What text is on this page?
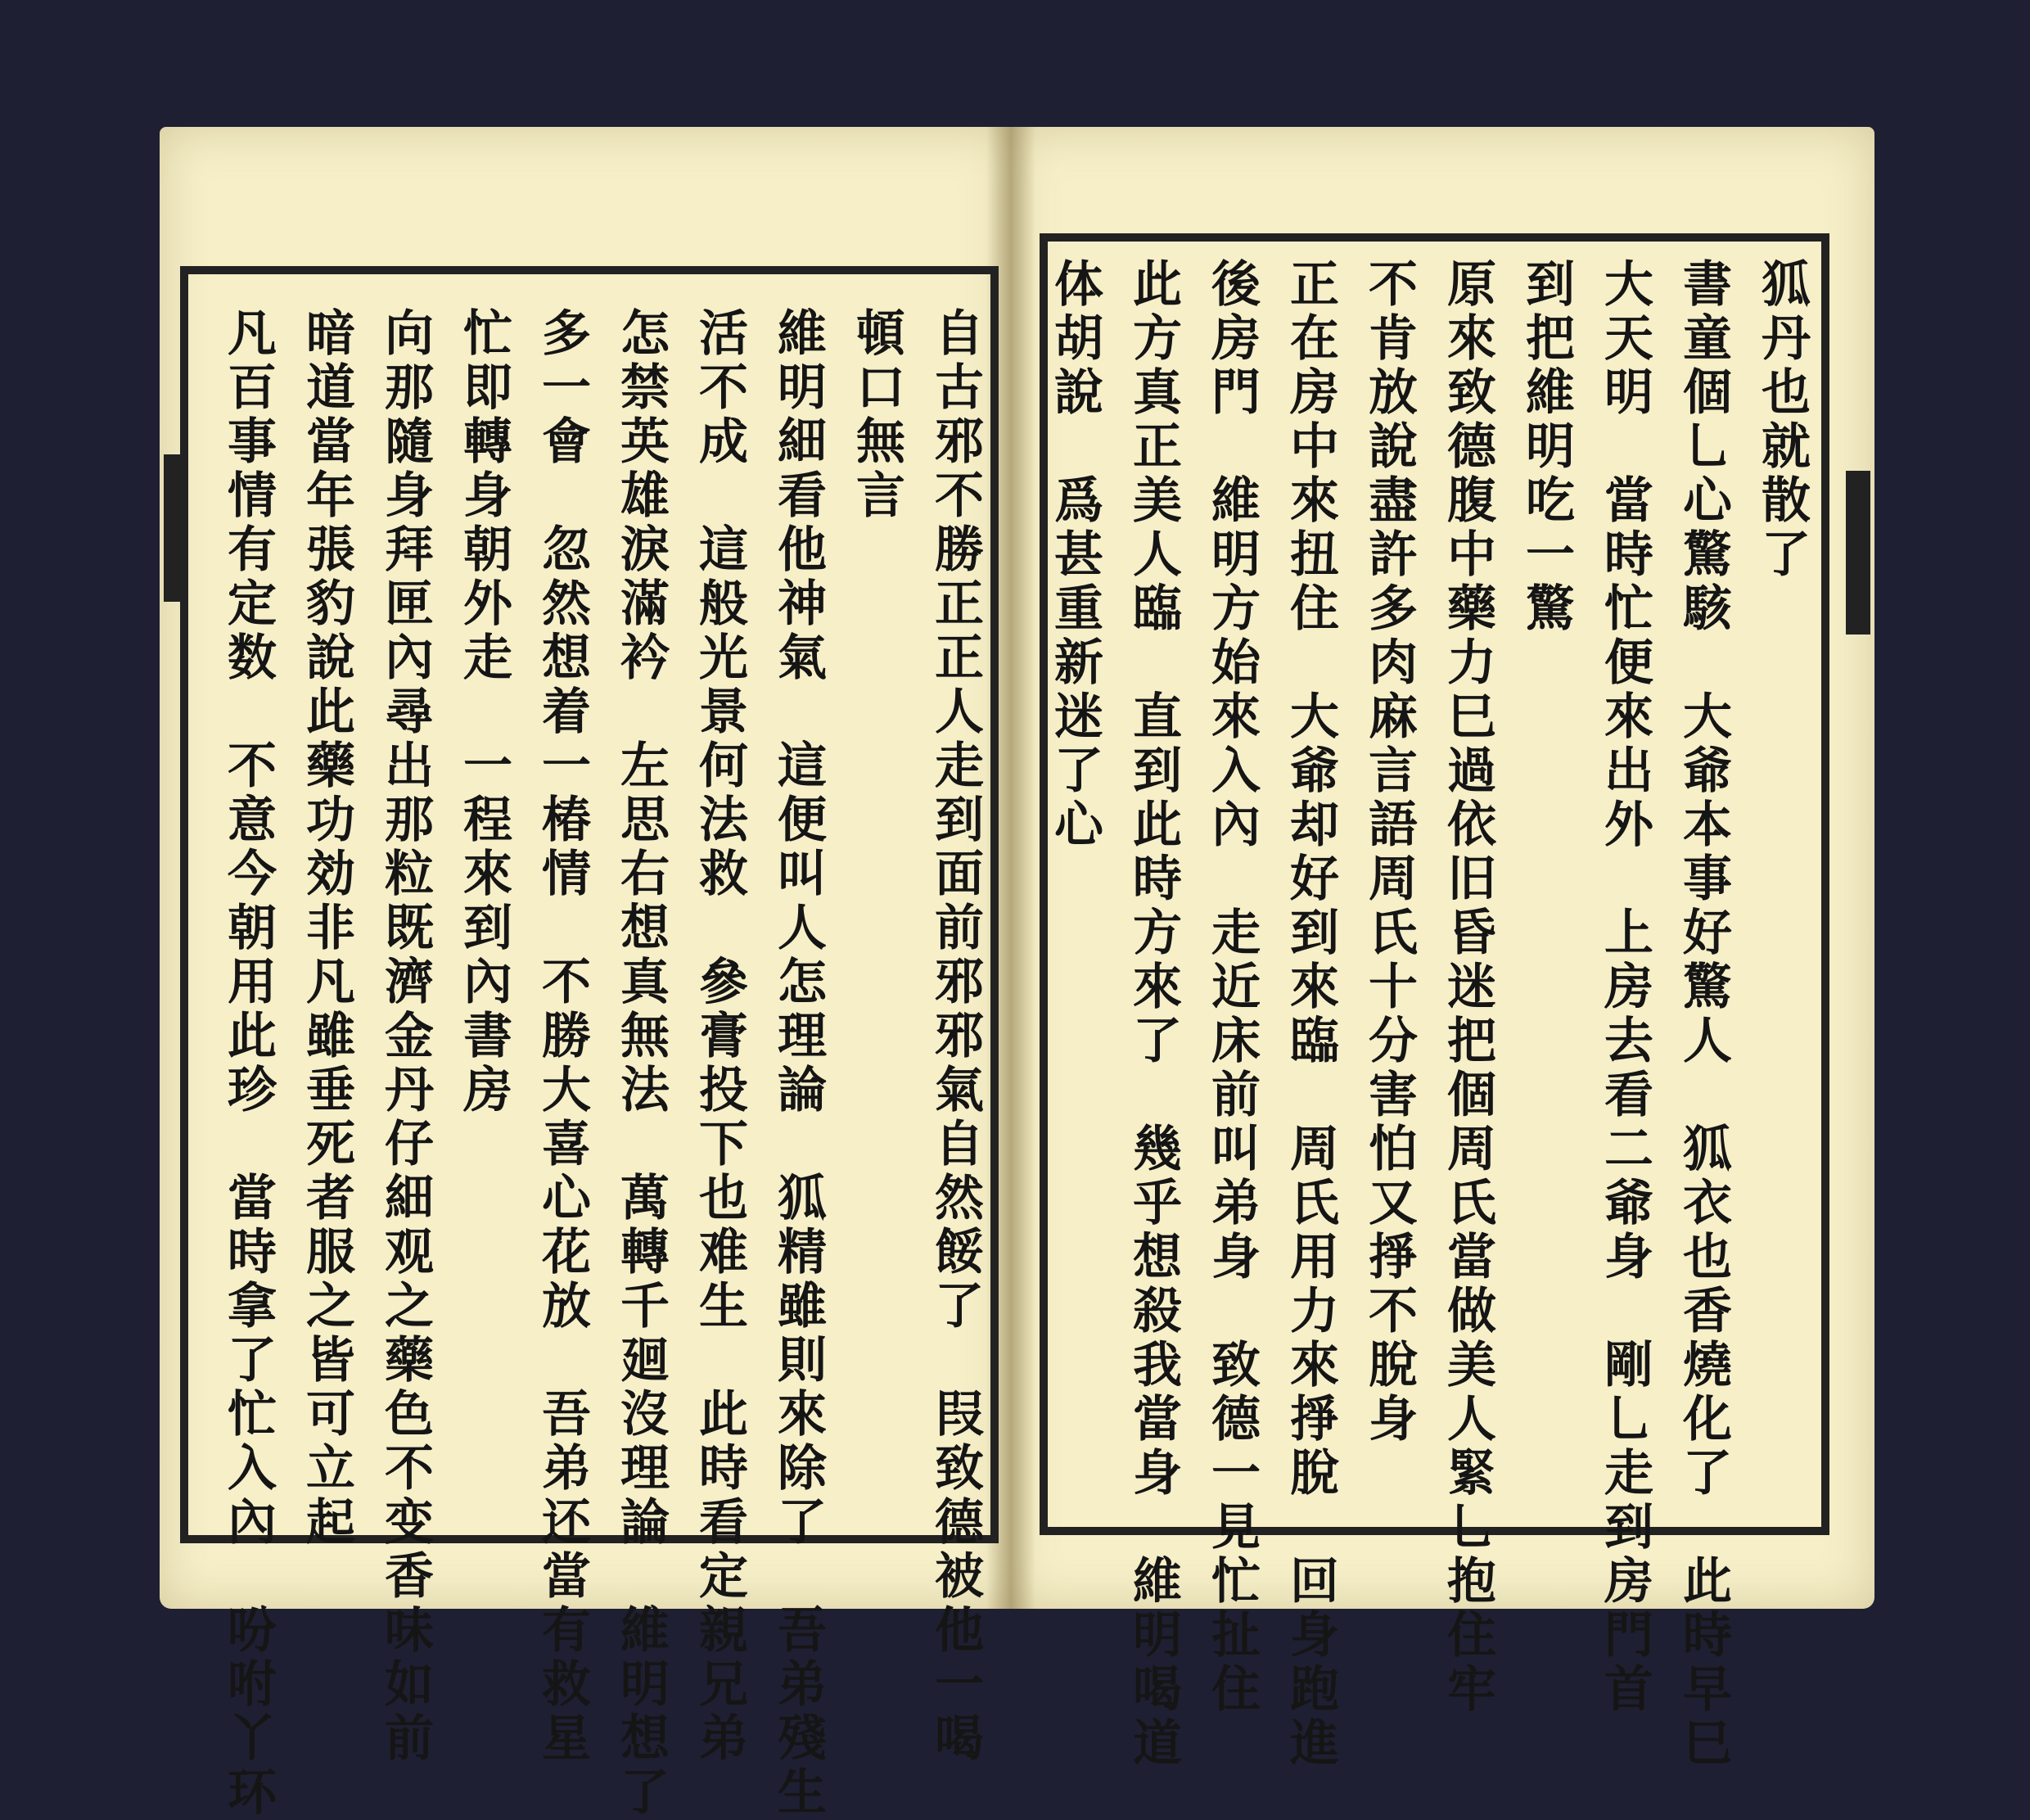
狐丹也就散了
書童個乚心驚駭　大爺本事好驚人　狐衣也香燒化了　此時早巳
大天明　當時忙便來出外　上房去看二爺身　剛乚走到房門首
到把維明吃一驚
原來致德腹中藥力巳過依旧昏迷把個周氏當做美人緊乚抱住牢
不肯放說盡許多肉麻言語周氏十分害怕又掙不脫身
正在房中來扭住　大爺却好到來臨　周氏用力來掙脫　回身跑進
後房門　維明方始來入內　走近床前叫弟身　致德一見忙扯住
此方真正美人臨　直到此時方來了　幾乎想殺我當身　維明喝道
体胡說　爲甚重新迷了心
自古邪不勝正正人走到面前邪邪氣自然餒了　叚致德被他一喝
頓口無言
維明細看他神氣　這便叫人怎理論　狐精雖則來除了　吾弟殘生
活不成　這般光景何法救　參膏投下也难生　此時看定親兄弟
怎禁英雄淚滿衿　左思右想真無法　萬轉千廻沒理論　維明想了
多一會　忽然想着一椿情　不勝大喜心花放　吾弟还當有救星
忙即轉身朝外走　一程來到內書房
向那隨身拜匣內尋出那粒既濟金丹仔細观之藥色不变香味如前
暗道當年張豹說此藥功効非凡雖垂死者服之皆可立起
凡百事情有定数　不意今朝用此珍　當時拿了忙入內　吩咐丫环
